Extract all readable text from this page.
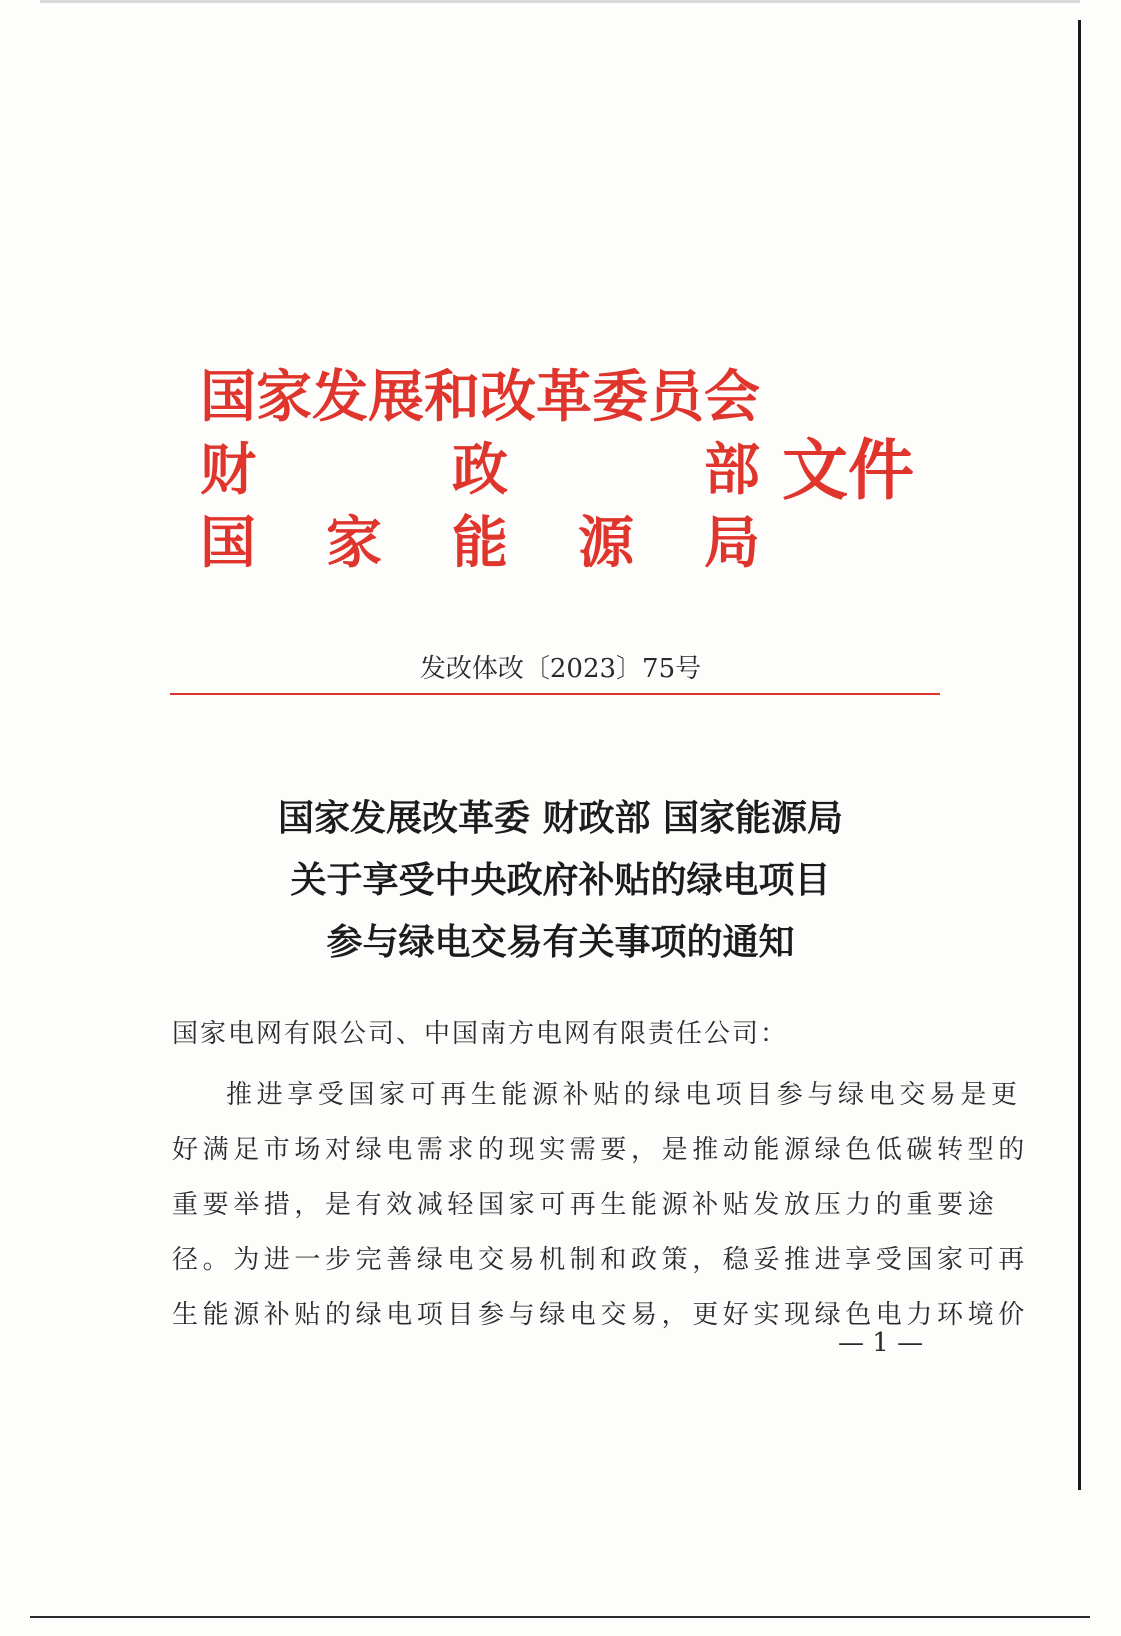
国 家 发 展 和 改 革 委 员 会
财	政	部
国 家 能 源 局
文件
发改体改〔2023〕75号
国家发展改革委 财政部 国家能源局
关于享受中央政府补贴的绿电项目
参与绿电交易有关事项的通知
国家电网有限公司、中国南方电网有限责任公司：
推进享受国家可再生能源补贴的绿电项目参与绿电交易是更
好满足市场对绿电需求的现实需要，是推动能源绿色低碳转型的
重要举措，是有效减轻国家可再生能源补贴发放压力的重要途
径。为进一步完善绿电交易机制和政策，稳妥推进享受国家可再
生能源补贴的绿电项目参与绿电交易，更好实现绿色电力环境价
— 1 —
